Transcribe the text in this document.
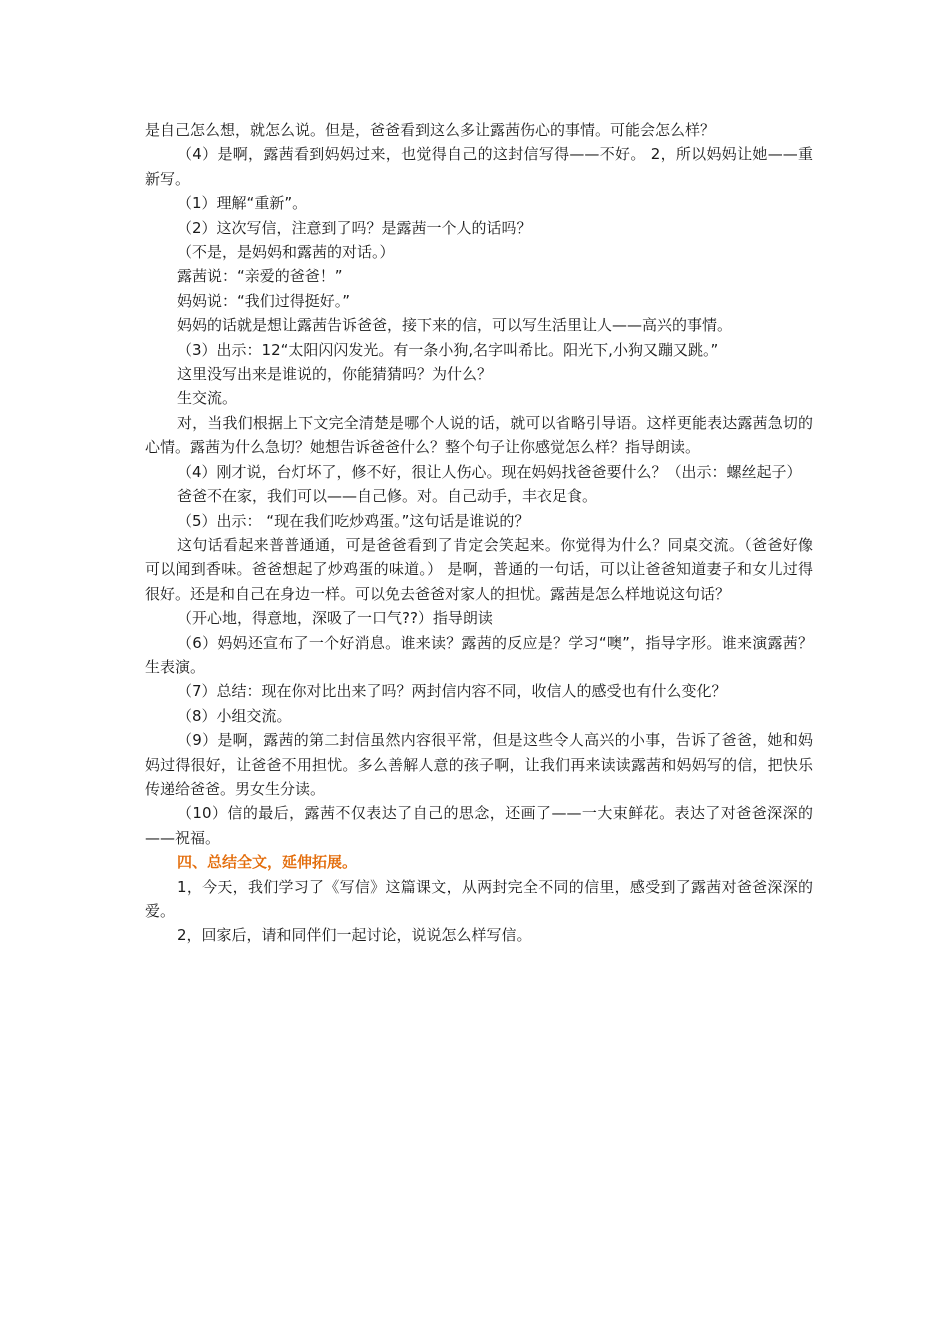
是自己怎么想，就怎么说。但是，爸爸看到这么多让露茜伤心的事情。可能会怎么样？

（4）是啊，露茜看到妈妈过来，也觉得自己的这封信写得——不好。 2，所以妈妈让她——重新写。

（1）理解“重新”。

（2）这次写信，注意到了吗？是露茜一个人的话吗？

（不是，是妈妈和露茜的对话。）

露茜说：“亲爱的爸爸！”

妈妈说：“我们过得挺好。”

妈妈的话就是想让露茜告诉爸爸，接下来的信，可以写生活里让人——高兴的事情。

（3）出示：12“太阳闪闪发光。有一条小狗,名字叫希比。阳光下,小狗又蹦又跳。”

这里没写出来是谁说的，你能猜猜吗？为什么？

生交流。

对，当我们根据上下文完全清楚是哪个人说的话，就可以省略引导语。这样更能表达露茜急切的心情。露茜为什么急切？她想告诉爸爸什么？整个句子让你感觉怎么样？指导朗读。

（4）刚才说，台灯坏了，修不好，很让人伤心。现在妈妈找爸爸要什么？（出示：螺丝起子）

爸爸不在家，我们可以——自己修。对。自己动手，丰衣足食。

（5）出示： “现在我们吃炒鸡蛋。”这句话是谁说的？

这句话看起来普普通通，可是爸爸看到了肯定会笑起来。你觉得为什么？同桌交流。（爸爸好像可以闻到香味。爸爸想起了炒鸡蛋的味道。） 是啊，普通的一句话，可以让爸爸知道妻子和女儿过得很好。还是和自己在身边一样。可以免去爸爸对家人的担忧。露茜是怎么样地说这句话？

（开心地，得意地，深吸了一口气??）指导朗读

（6）妈妈还宣布了一个好消息。谁来读？露茜的反应是？学习“噢”，指导字形。谁来演露茜？生表演。

（7）总结：现在你对比出来了吗？两封信内容不同，收信人的感受也有什么变化？

（8）小组交流。

（9）是啊，露茜的第二封信虽然内容很平常，但是这些令人高兴的小事，告诉了爸爸，她和妈妈过得很好，让爸爸不用担忧。多么善解人意的孩子啊，让我们再来读读露茜和妈妈写的信，把快乐传递给爸爸。男女生分读。

（10）信的最后，露茜不仅表达了自己的思念，还画了——一大束鲜花。表达了对爸爸深深的——祝福。

四、总结全文，延伸拓展。

1，今天，我们学习了《写信》这篇课文，从两封完全不同的信里，感受到了露茜对爸爸深深的爱。

2，回家后，请和同伴们一起讨论，说说怎么样写信。
